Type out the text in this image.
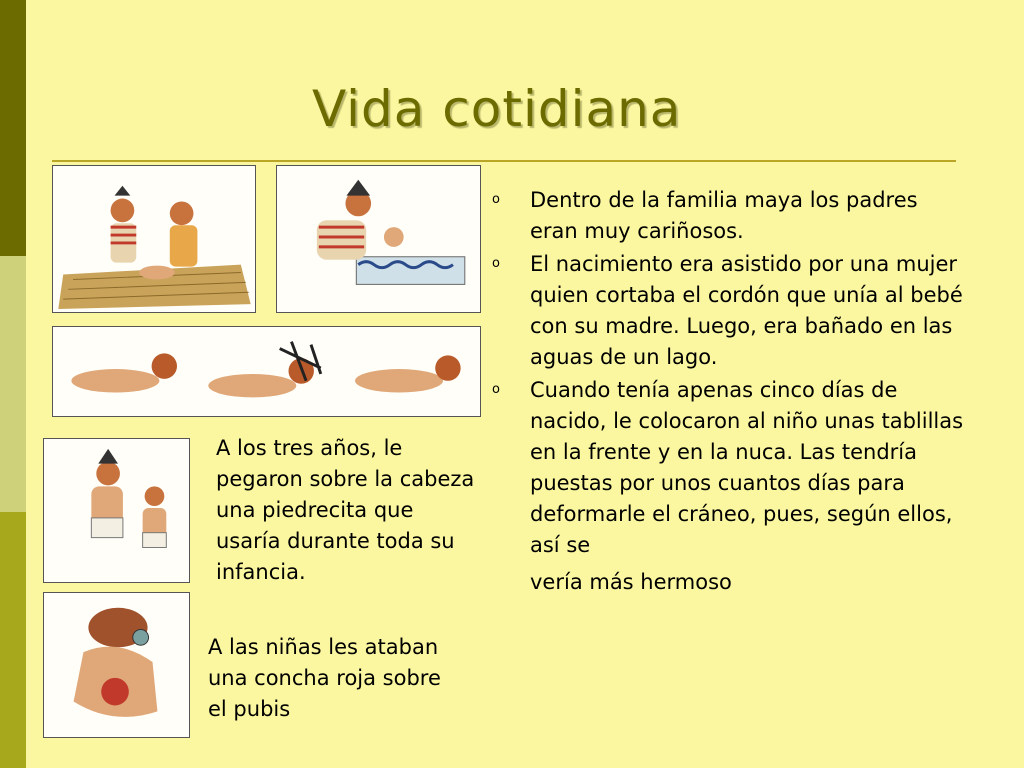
Vida cotidiana
o Dentro de la familia maya los padres eran muy cariñosos.
o El nacimiento era asistido por una mujer quien cortaba el cordón que unía al bebé con su madre. Luego, era bañado en las aguas de un lago.
o Cuando tenía apenas cinco días de nacido, le colocaron al niño unas tablillas en la frente y en la nuca. Las tendría puestas por unos cuantos días para deformarle el cráneo, pues, según ellos, así se
vería más hermoso
A los tres años, le pegaron sobre la cabeza una piedrecita que usaría durante toda su infancia.
A las niñas les ataban una concha roja sobre el pubis
